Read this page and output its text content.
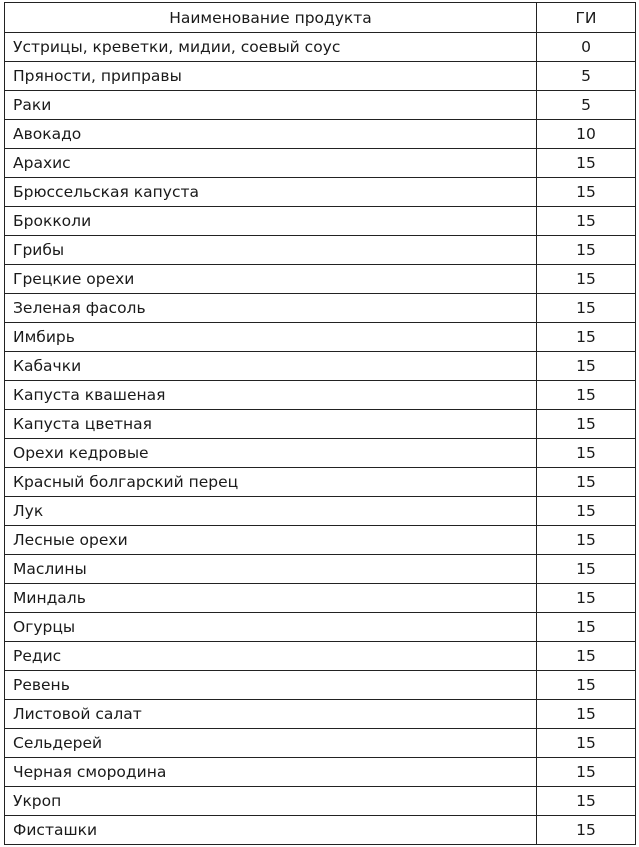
Наименование продукта	ГИ
Устрицы, креветки, мидии, соевый соус	0
Пряности, приправы	5
Раки	5
Авокадо	10
Арахис	15
Брюссельская капуста	15
Брокколи	15
Грибы	15
Грецкие орехи	15
Зеленая фасоль	15
Имбирь	15
Кабачки	15
Капуста квашеная	15
Капуста цветная	15
Орехи кедровые	15
Красный болгарский перец	15
Лук	15
Лесные орехи	15
Маслины	15
Миндаль	15
Огурцы	15
Редис	15
Ревень	15
Листовой салат	15
Сельдерей	15
Черная смородина	15
Укроп	15
Фисташки	15
